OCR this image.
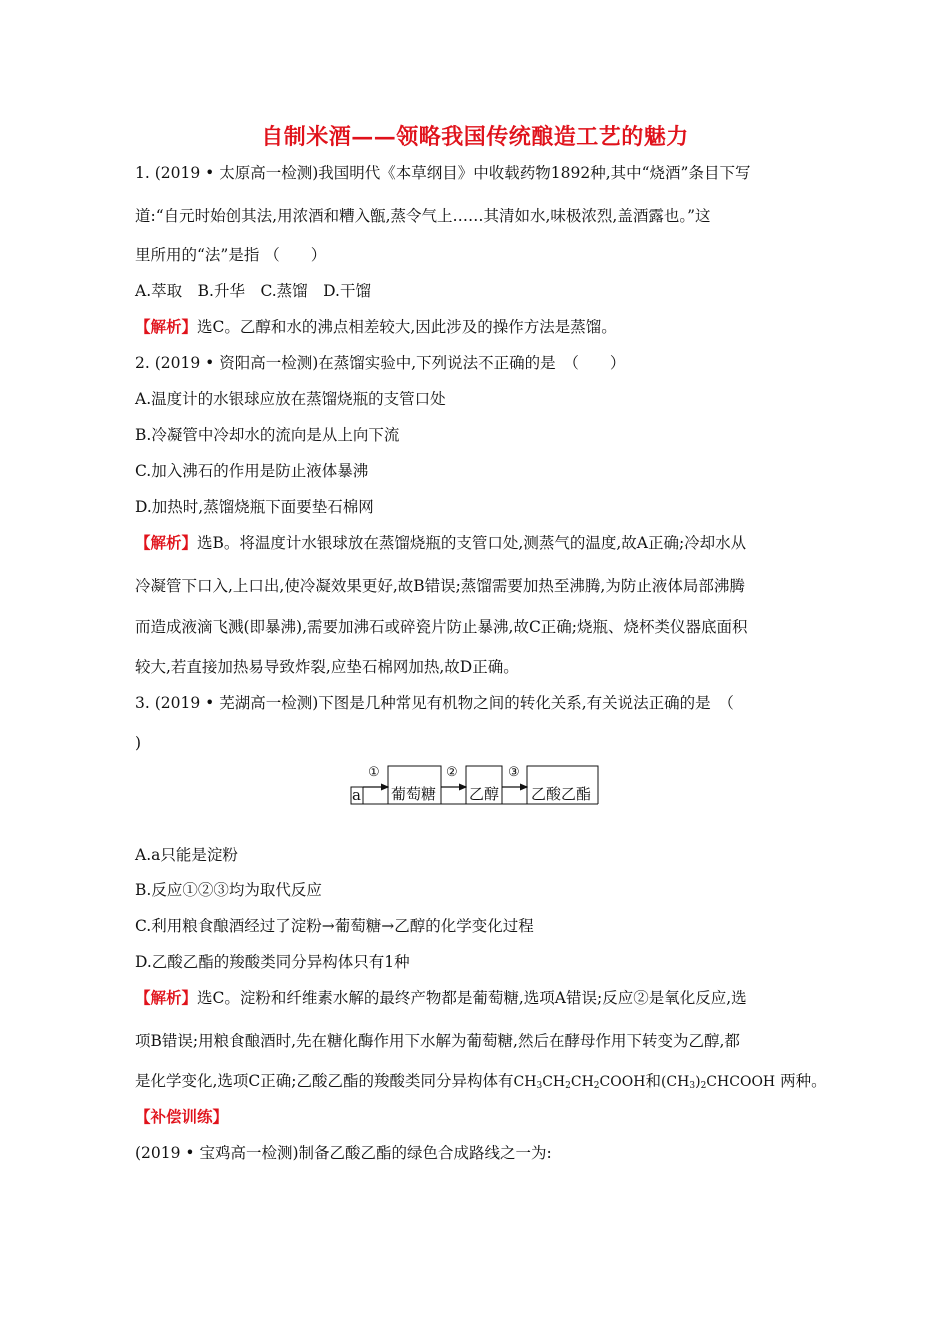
自制米酒——领略我国传统酿造工艺的魅力
1. (2019 • 太原高一检测)我国明代《本草纲目》中收载药物1892种,其中“烧酒”条目下写
道:“自元时始创其法,用浓酒和糟入甑,蒸令气上……其清如水,味极浓烈,盖酒露也。”这
里所用的“法”是指 （　　）
A.萃取　B.升华　C.蒸馏　D.干馏
【解析】选C。乙醇和水的沸点相差较大,因此涉及的操作方法是蒸馏。
2. (2019 • 资阳高一检测)在蒸馏实验中,下列说法不正确的是　（　　）
A.温度计的水银球应放在蒸馏烧瓶的支管口处
B.冷凝管中冷却水的流向是从上向下流
C.加入沸石的作用是防止液体暴沸
D.加热时,蒸馏烧瓶下面要垫石棉网
【解析】选B。将温度计水银球放在蒸馏烧瓶的支管口处,测蒸气的温度,故A正确;冷却水从
冷凝管下口入,上口出,使冷凝效果更好,故B错误;蒸馏需要加热至沸腾,为防止液体局部沸腾
而造成液滴飞溅(即暴沸),需要加沸石或碎瓷片防止暴沸,故C正确;烧瓶、烧杯类仪器底面积
较大,若直接加热易导致炸裂,应垫石棉网加热,故D正确。
3. (2019 • 芜湖高一检测)下图是几种常见有机物之间的转化关系,有关说法正确的是　（
)
a
①
葡萄糖
②
乙醇
③
乙酸乙酯
A.a只能是淀粉
B.反应①②③均为取代反应
C.利用粮食酿酒经过了淀粉→葡萄糖→乙醇的化学变化过程
D.乙酸乙酯的羧酸类同分异构体只有1种
【解析】选C。淀粉和纤维素水解的最终产物都是葡萄糖,选项A错误;反应②是氧化反应,选
项B错误;用粮食酿酒时,先在糖化酶作用下水解为葡萄糖,然后在酵母作用下转变为乙醇,都
是化学变化,选项C正确;乙酸乙酯的羧酸类同分异构体有$CH_3CH_2CH_2COOH$和$(CH_3)_2CHCOOH$ 两种。
【补偿训练】
(2019 • 宝鸡高一检测)制备乙酸乙酯的绿色合成路线之一为:
